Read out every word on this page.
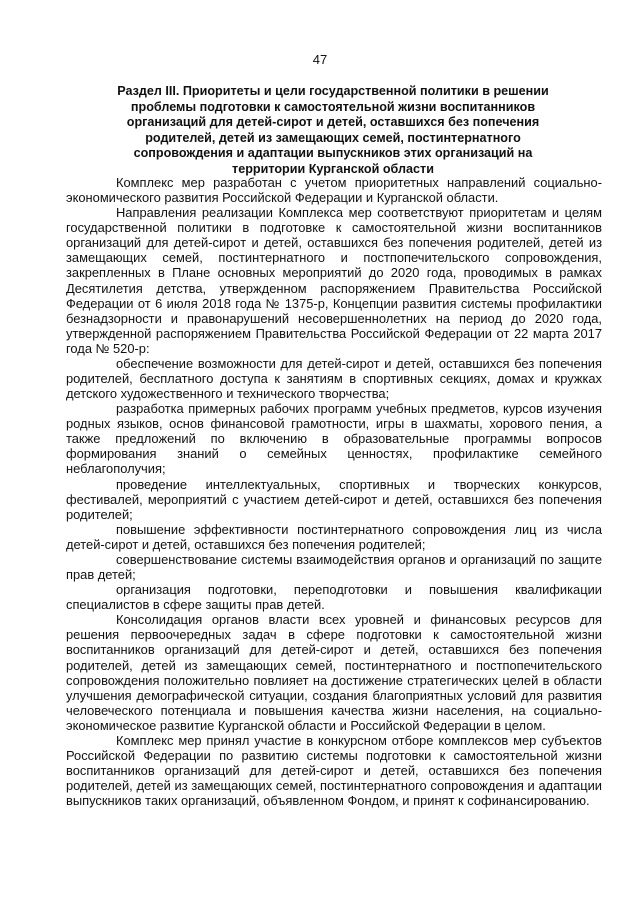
47
Раздел III. Приоритеты и цели государственной политики в решении проблемы подготовки к самостоятельной жизни воспитанников организаций для детей-сирот и детей, оставшихся без попечения родителей, детей из замещающих семей, постинтернатного сопровождения и адаптации выпускников этих организаций на территории Курганской области

Комплекс мер разработан с учетом приоритетных направлений социально-экономического развития Российской Федерации и Курганской области.

Направления реализации Комплекса мер соответствуют приоритетам и целям государственной политики в подготовке к самостоятельной жизни воспитанников организаций для детей-сирот и детей, оставшихся без попечения родителей, детей из замещающих семей, постинтернатного и постпопечительского сопровождения, закрепленных в Плане основных мероприятий до 2020 года, проводимых в рамках Десятилетия детства, утвержденном распоряжением Правительства Российской Федерации от 6 июля 2018 года № 1375-р, Концепции развития системы профилактики безнадзорности и правонарушений несовершеннолетних на период до 2020 года, утвержденной распоряжением Правительства Российской Федерации от 22 марта 2017 года № 520-р:

обеспечение возможности для детей-сирот и детей, оставшихся без попечения родителей, бесплатного доступа к занятиям в спортивных секциях, домах и кружках детского художественного и технического творчества;

разработка примерных рабочих программ учебных предметов, курсов изучения родных языков, основ финансовой грамотности, игры в шахматы, хорового пения, а также предложений по включению в образовательные программы вопросов формирования знаний о семейных ценностях, профилактике семейного неблагополучия;

проведение интеллектуальных, спортивных и творческих конкурсов, фестивалей, мероприятий с участием детей-сирот и детей, оставшихся без попечения родителей;

повышение эффективности постинтернатного сопровождения лиц из числа детей-сирот и детей, оставшихся без попечения родителей;

совершенствование системы взаимодействия органов и организаций по защите прав детей;

организация подготовки, переподготовки и повышения квалификации специалистов в сфере защиты прав детей.

Консолидация органов власти всех уровней и финансовых ресурсов для решения первоочередных задач в сфере подготовки к самостоятельной жизни воспитанников организаций для детей-сирот и детей, оставшихся без попечения родителей, детей из замещающих семей, постинтернатного и постпопечительского сопровождения положительно повлияет на достижение стратегических целей в области улучшения демографической ситуации, создания благоприятных условий для развития человеческого потенциала и повышения качества жизни населения, на социально-экономическое развитие Курганской области и Российской Федерации в целом.

Комплекс мер принял участие в конкурсном отборе комплексов мер субъектов Российской Федерации по развитию системы подготовки к самостоятельной жизни воспитанников организаций для детей-сирот и детей, оставшихся без попечения родителей, детей из замещающих семей, постинтернатного сопровождения и адаптации выпускников таких организаций, объявленном Фондом, и принят к софинансированию.
